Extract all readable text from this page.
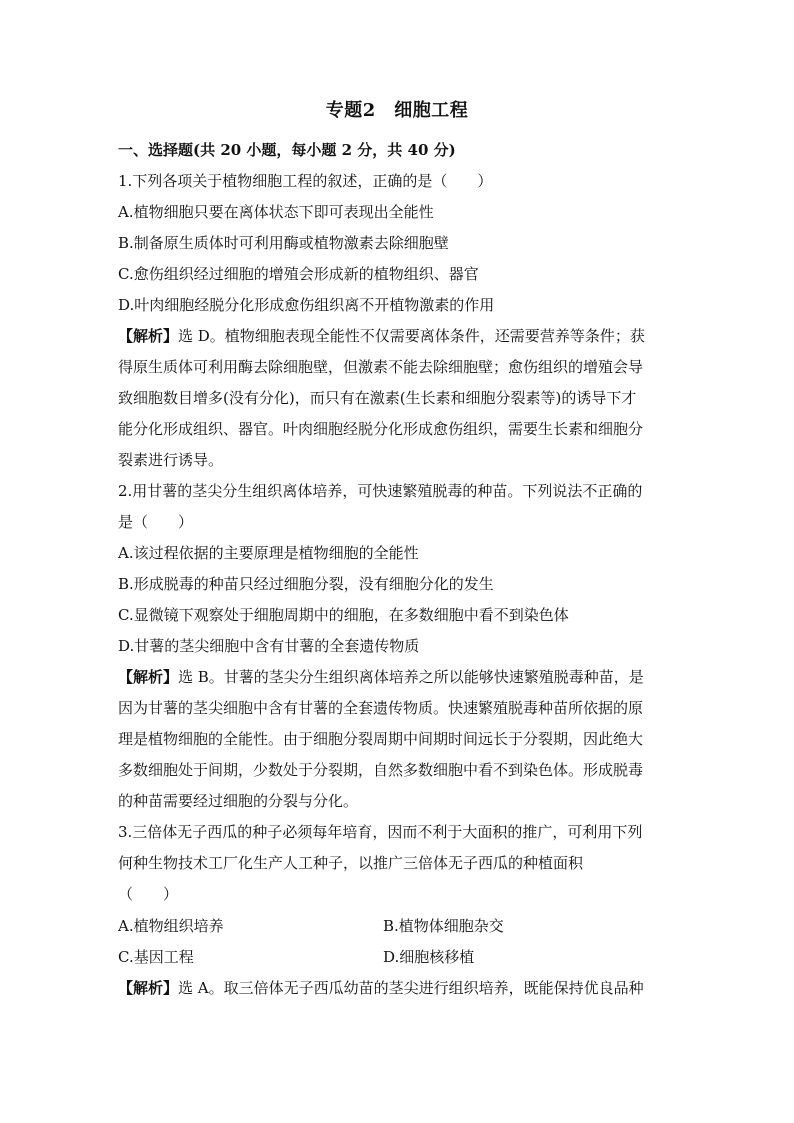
专题2　细胞工程
一、选择题(共 20 小题，每小题 2 分，共 40 分)
1.下列各项关于植物细胞工程的叙述，正确的是（　　）
A.植物细胞只要在离体状态下即可表现出全能性
B.制备原生质体时可利用酶或植物激素去除细胞壁
C.愈伤组织经过细胞的增殖会形成新的植物组织、器官
D.叶肉细胞经脱分化形成愈伤组织离不开植物激素的作用
【解析】选 D。植物细胞表现全能性不仅需要离体条件，还需要营养等条件；获
得原生质体可利用酶去除细胞壁，但激素不能去除细胞壁；愈伤组织的增殖会导
致细胞数目增多(没有分化)，而只有在激素(生长素和细胞分裂素等)的诱导下才
能分化形成组织、器官。叶肉细胞经脱分化形成愈伤组织，需要生长素和细胞分
裂素进行诱导。
2.用甘薯的茎尖分生组织离体培养，可快速繁殖脱毒的种苗。下列说法不正确的
是（　　）
A.该过程依据的主要原理是植物细胞的全能性
B.形成脱毒的种苗只经过细胞分裂，没有细胞分化的发生
C.显微镜下观察处于细胞周期中的细胞，在多数细胞中看不到染色体
D.甘薯的茎尖细胞中含有甘薯的全套遗传物质
【解析】选 B。甘薯的茎尖分生组织离体培养之所以能够快速繁殖脱毒种苗，是
因为甘薯的茎尖细胞中含有甘薯的全套遗传物质。快速繁殖脱毒种苗所依据的原
理是植物细胞的全能性。由于细胞分裂周期中间期时间远长于分裂期，因此绝大
多数细胞处于间期，少数处于分裂期，自然多数细胞中看不到染色体。形成脱毒
的种苗需要经过细胞的分裂与分化。
3.三倍体无子西瓜的种子必须每年培育，因而不利于大面积的推广，可利用下列
何种生物技术工厂化生产人工种子，以推广三倍体无子西瓜的种植面积
（　　）
A.植物组织培养	B.植物体细胞杂交
C.基因工程	D.细胞核移植
【解析】选 A。取三倍体无子西瓜幼苗的茎尖进行组织培养，既能保持优良品种
